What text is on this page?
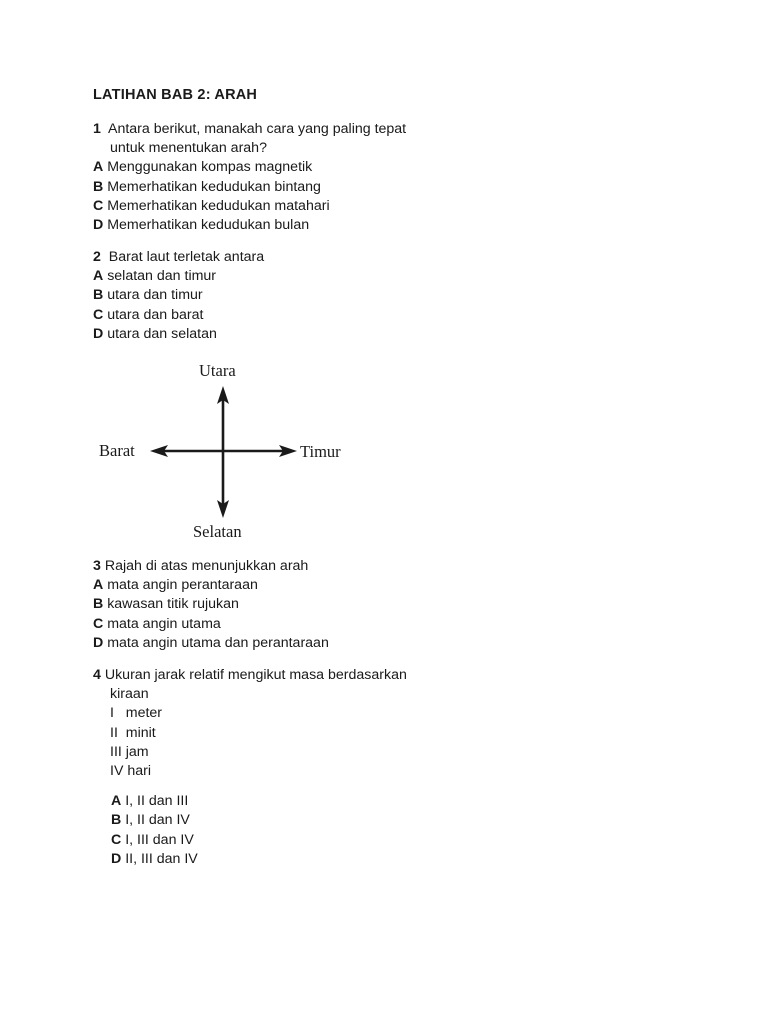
LATIHAN BAB 2: ARAH
1 Antara berikut, manakah cara yang paling tepat
untuk menentukan arah?
A Menggunakan kompas magnetik
B Memerhatikan kedudukan bintang
C Memerhatikan kedudukan matahari
D Memerhatikan kedudukan bulan
2 Barat laut terletak antara
A selatan dan timur
B utara dan timur
C utara dan barat
D utara dan selatan
Utara
Barat	Timur
Selatan
3 Rajah di atas menunjukkan arah
A mata angin perantaraan
B kawasan titik rujukan
C mata angin utama
D mata angin utama dan perantaraan
4 Ukuran jarak relatif mengikut masa berdasarkan
kiraan
I   meter
II  minit
III jam
IV hari
A I, II dan III
B I, II dan IV
C I, III dan IV
D II, III dan IV
